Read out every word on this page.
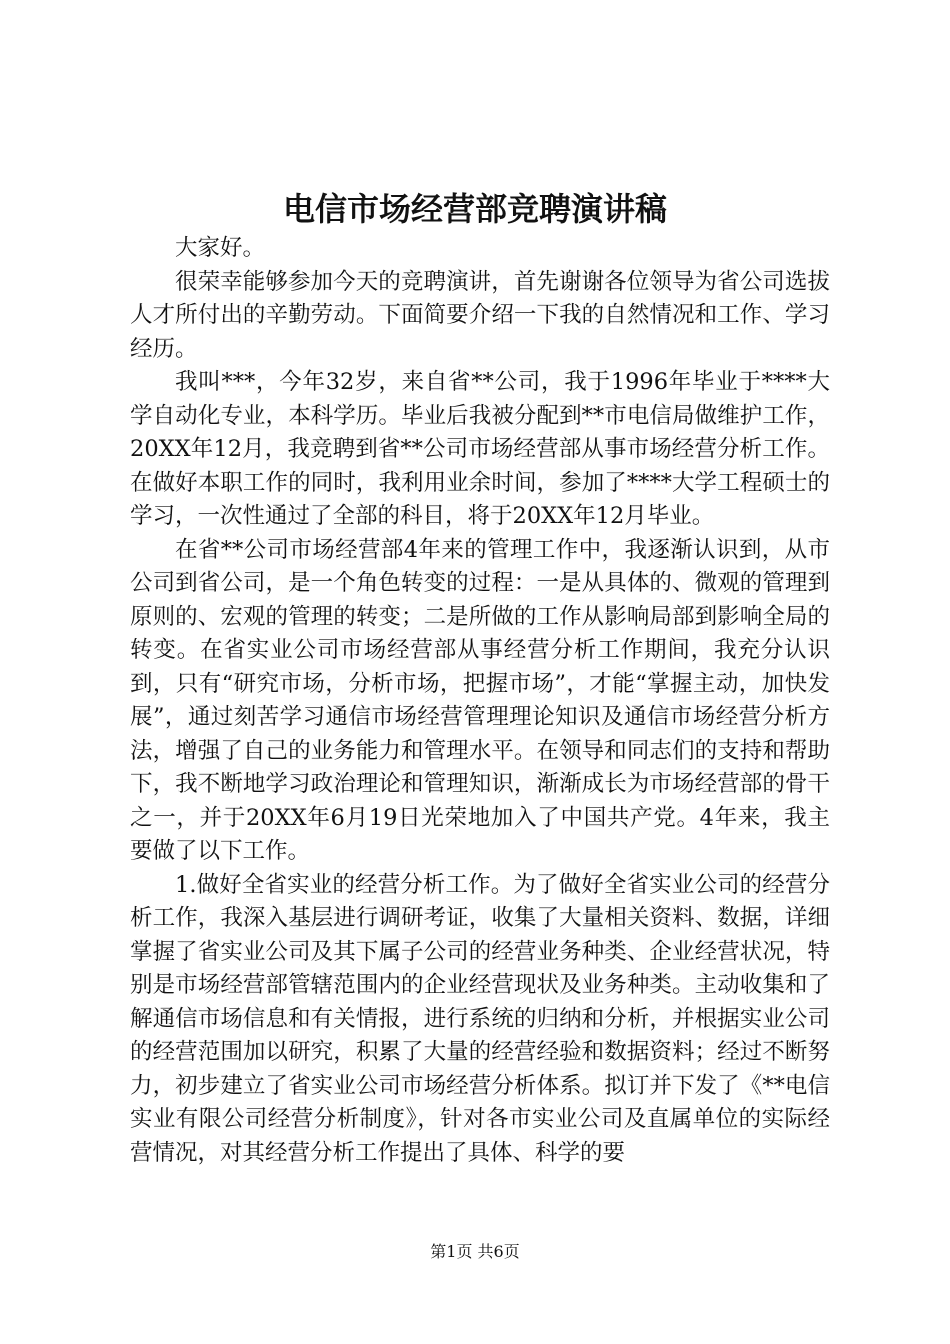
电信市场经营部竞聘演讲稿

大家好。

很荣幸能够参加今天的竞聘演讲，首先谢谢各位领导为省公司选拔人才所付出的辛勤劳动。下面简要介绍一下我的自然情况和工作、学习经历。

我叫***，今年32岁，来自省**公司，我于1996年毕业于****大学自动化专业，本科学历。毕业后我被分配到**市电信局做维护工作，20XX年12月，我竞聘到省**公司市场经营部从事市场经营分析工作。在做好本职工作的同时，我利用业余时间，参加了****大学工程硕士的学习，一次性通过了全部的科目，将于20XX年12月毕业。

在省**公司市场经营部4年来的管理工作中，我逐渐认识到，从市公司到省公司，是一个角色转变的过程：一是从具体的、微观的管理到原则的、宏观的管理的转变；二是所做的工作从影响局部到影响全局的转变。在省实业公司市场经营部从事经营分析工作期间，我充分认识到，只有“研究市场，分析市场，把握市场”，才能“掌握主动，加快发展”，通过刻苦学习通信市场经营管理理论知识及通信市场经营分析方法，增强了自己的业务能力和管理水平。在领导和同志们的支持和帮助下，我不断地学习政治理论和管理知识，渐渐成长为市场经营部的骨干之一，并于20XX年6月19日光荣地加入了中国共产党。4年来，我主要做了以下工作。

1.做好全省实业的经营分析工作。为了做好全省实业公司的经营分析工作，我深入基层进行调研考证，收集了大量相关资料、数据，详细掌握了省实业公司及其下属子公司的经营业务种类、企业经营状况，特别是市场经营部管辖范围内的企业经营现状及业务种类。主动收集和了解通信市场信息和有关情报，进行系统的归纳和分析，并根据实业公司的经营范围加以研究，积累了大量的经营经验和数据资料；经过不断努力，初步建立了省实业公司市场经营分析体系。拟订并下发了《**电信实业有限公司经营分析制度》，针对各市实业公司及直属单位的实际经营情况，对其经营分析工作提出了具体、科学的要

第1页 共6页
